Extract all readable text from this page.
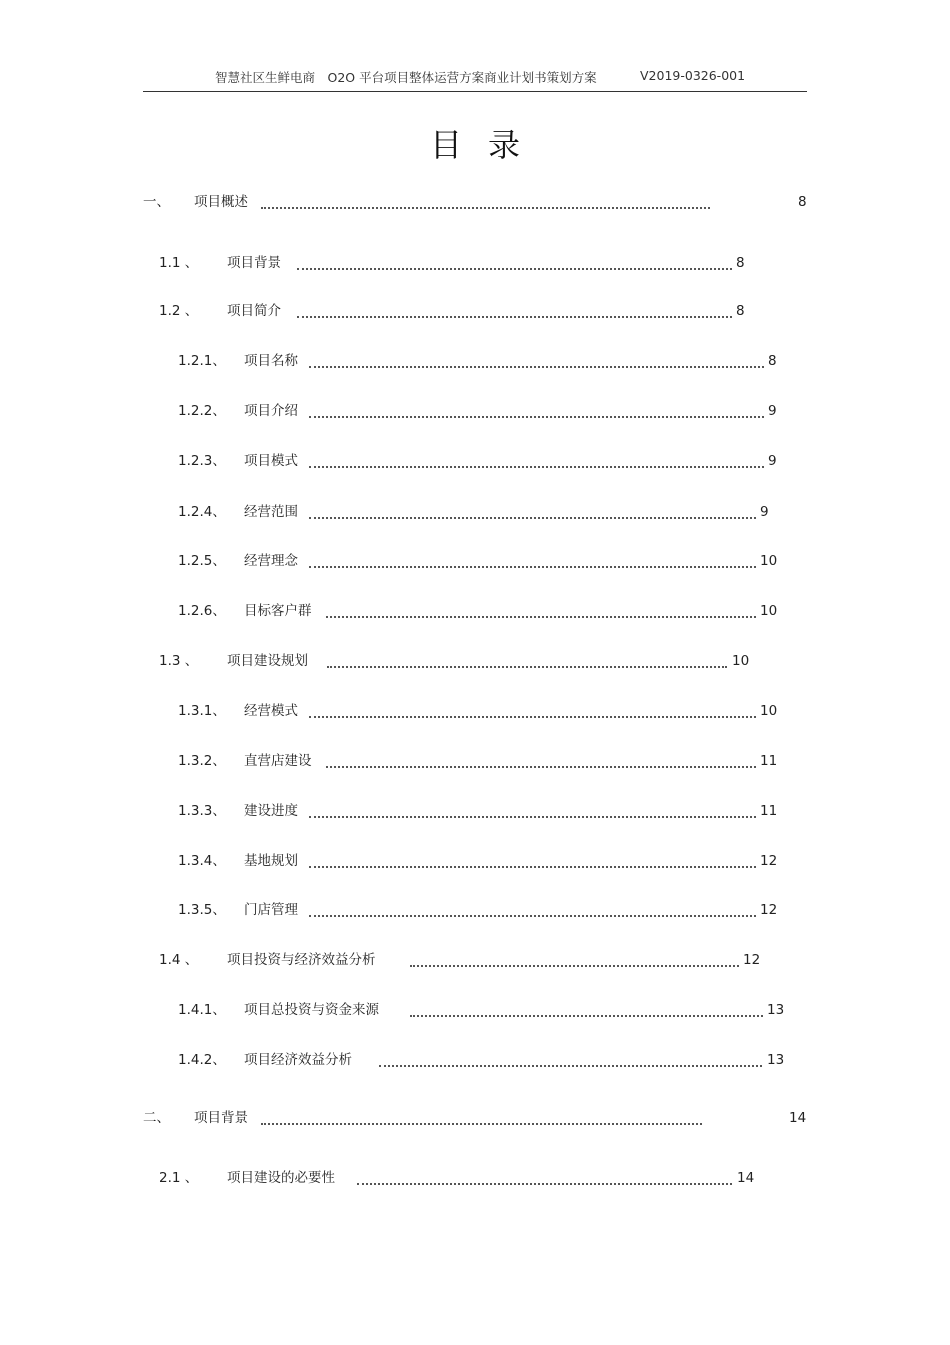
智慧社区生鲜电商　O2O 平台项目整体运营方案商业计划书策划方案	V2019-0326-001
目录
一、 项目概述	8
1.1 、 项目背景	8
1.2 、 项目简介	8
1.2.1、 项目名称	8
1.2.2、 项目介绍	9
1.2.3、 项目模式	9
1.2.4、 经营范围	9
1.2.5、 经营理念	10
1.2.6、 目标客户群	10
1.3 、 项目建设规划	10
1.3.1、 经营模式	10
1.3.2、 直营店建设	11
1.3.3、 建设进度	11
1.3.4、 基地规划	12
1.3.5、 门店管理	12
1.4 、 项目投资与经济效益分析	12
1.4.1、 项目总投资与资金来源	13
1.4.2、 项目经济效益分析	13
二、 项目背景	14
2.1 、 项目建设的必要性	14
